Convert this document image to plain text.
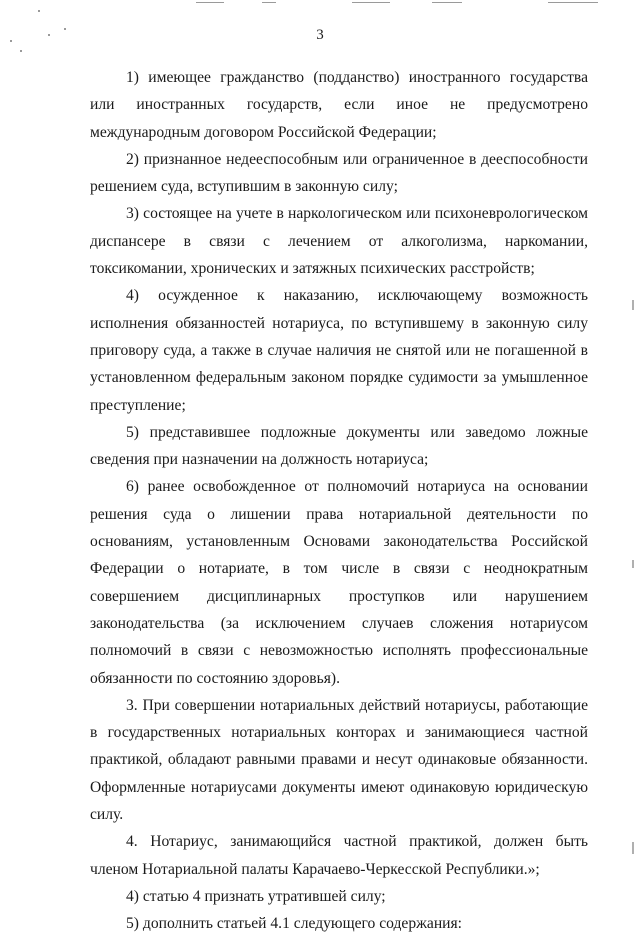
3

1) имеющее гражданство (подданство) иностранного государства или иностранных государств, если иное не предусмотрено международным договором Российской Федерации;

2) признанное недееспособным или ограниченное в дееспособности решением суда, вступившим в законную силу;

3) состоящее на учете в наркологическом или психоневрологическом диспансере в связи с лечением от алкоголизма, наркомании, токсикомании, хронических и затяжных психических расстройств;

4) осужденное к наказанию, исключающему возможность исполнения обязанностей нотариуса, по вступившему в законную силу приговору суда, а также в случае наличия не снятой или не погашенной в установленном федеральным законом порядке судимости за умышленное преступление;

5) представившее подложные документы или заведомо ложные сведения при назначении на должность нотариуса;

6) ранее освобожденное от полномочий нотариуса на основании решения суда о лишении права нотариальной деятельности по основаниям, установленным Основами законодательства Российской Федерации о нотариате, в том числе в связи с неоднократным совершением дисциплинарных проступков или нарушением законодательства (за исключением случаев сложения нотариусом полномочий в связи с невозможностью исполнять профессиональные обязанности по состоянию здоровья).

3. При совершении нотариальных действий нотариусы, работающие в государственных нотариальных конторах и занимающиеся частной практикой, обладают равными правами и несут одинаковые обязанности. Оформленные нотариусами документы имеют одинаковую юридическую силу.

4. Нотариус, занимающийся частной практикой, должен быть членом Нотариальной палаты Карачаево-Черкесской Республики.»;

4) статью 4 признать утратившей силу;

5) дополнить статьей 4.1 следующего содержания:
